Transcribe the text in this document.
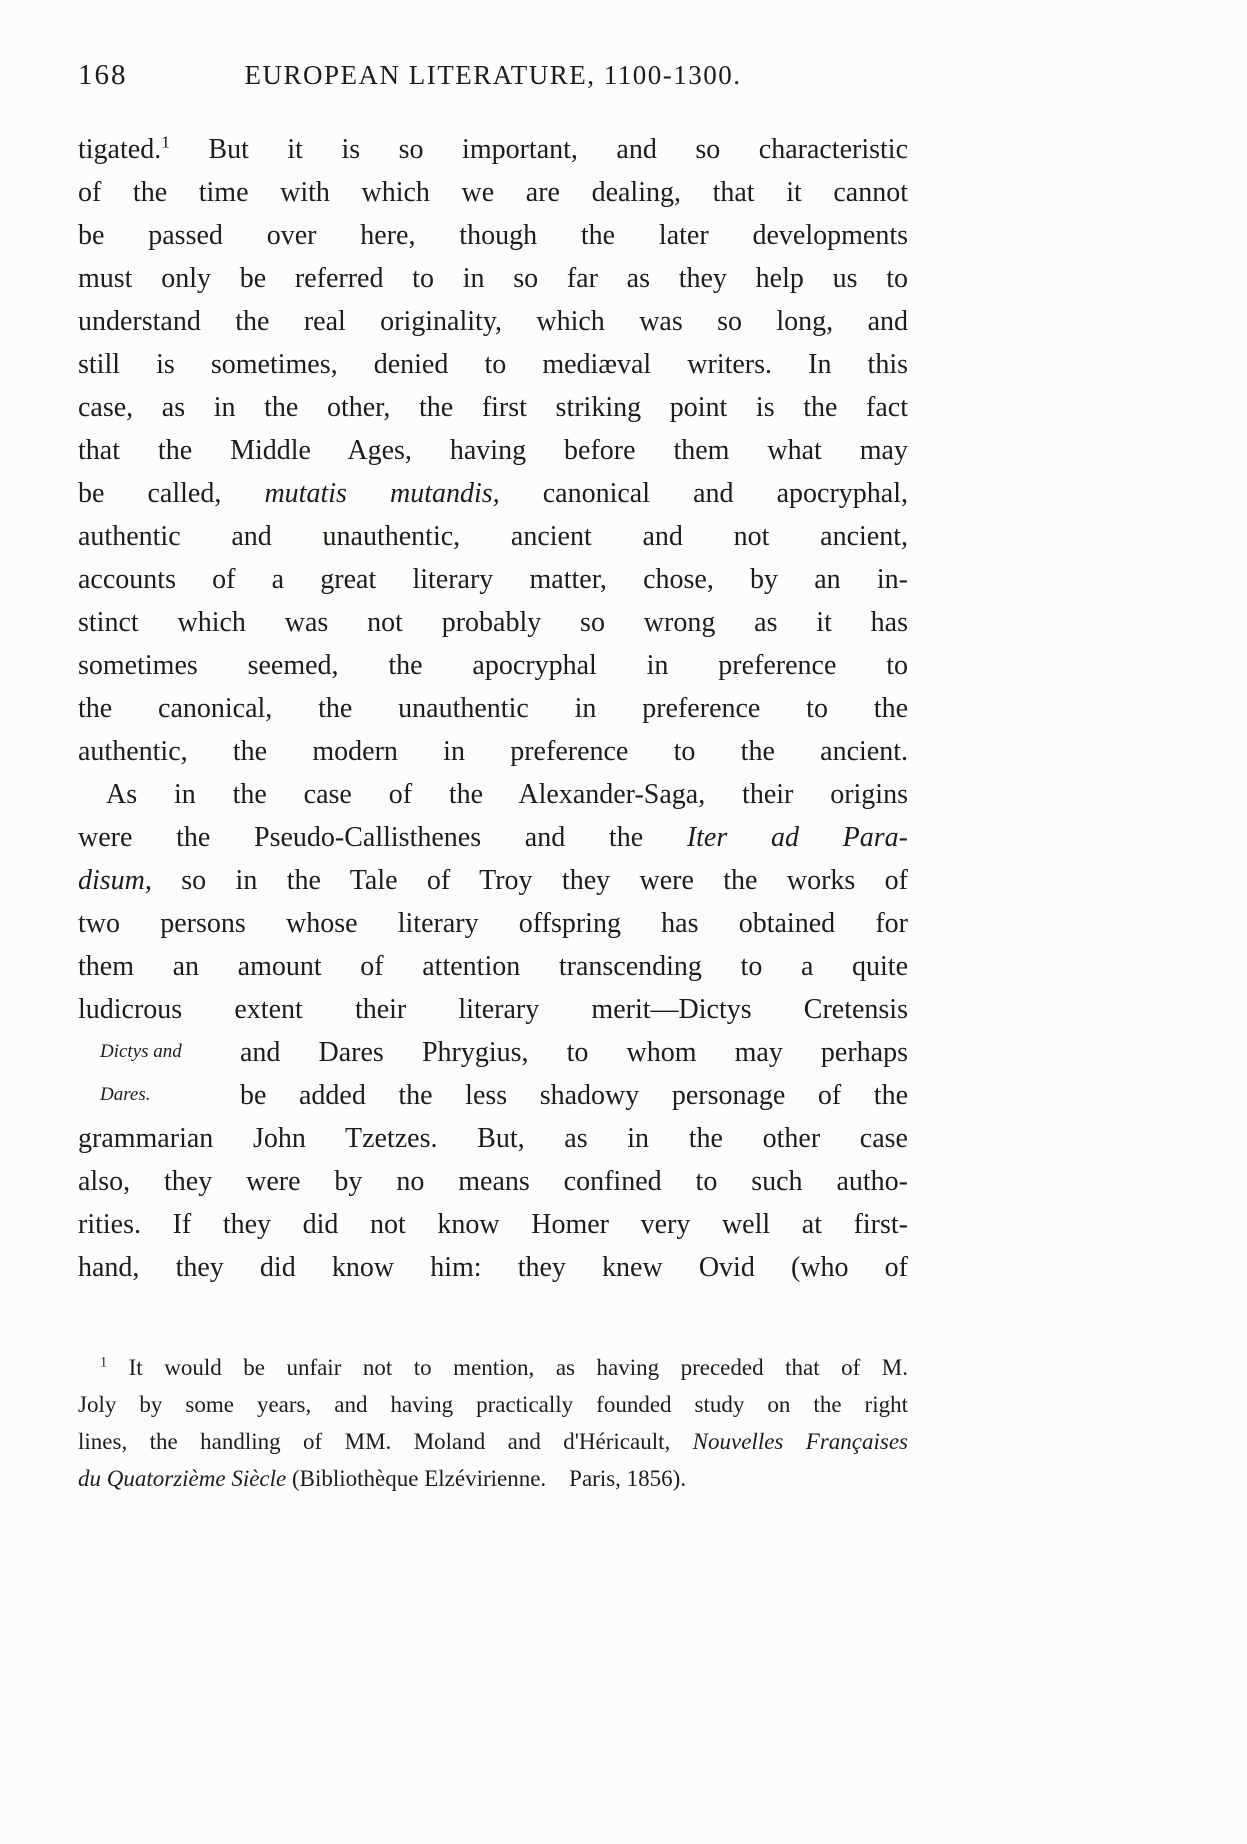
168	EUROPEAN LITERATURE, 1100-1300.
tigated.$^1$ But it is so important, and so characteristic
of the time with which we are dealing, that it cannot
be passed over here, though the later developments
must only be referred to in so far as they help us to
understand the real originality, which was so long, and
still is sometimes, denied to mediæval writers. In this
case, as in the other, the first striking point is the fact
that the Middle Ages, having before them what may
be called, mutatis mutandis, canonical and apocryphal,
authentic and unauthentic, ancient and not ancient,
accounts of a great literary matter, chose, by an in-
stinct which was not probably so wrong as it has
sometimes seemed, the apocryphal in preference to
the canonical, the unauthentic in preference to the
authentic, the modern in preference to the ancient.
As in the case of the Alexander-Saga, their origins
were the Pseudo-Callisthenes and the Iter ad Para-
disum, so in the Tale of Troy they were the works of
two persons whose literary offspring has obtained for
them an amount of attention transcending to a quite
ludicrous extent their literary merit—Dictys Cretensis
and Dares Phrygius, to whom may perhaps
Dictys and
be added the less shadowy personage of the
Dares.
grammarian John Tzetzes. But, as in the other case
also, they were by no means confined to such autho-
rities. If they did not know Homer very well at first-
hand, they did know him: they knew Ovid (who of
$^1$ It would be unfair not to mention, as having preceded that of M.
Joly by some years, and having practically founded study on the right
lines, the handling of MM. Moland and d'Héricault, Nouvelles Françaises
du Quatorzième Siècle (Bibliothèque Elzévirienne. Paris, 1856).
